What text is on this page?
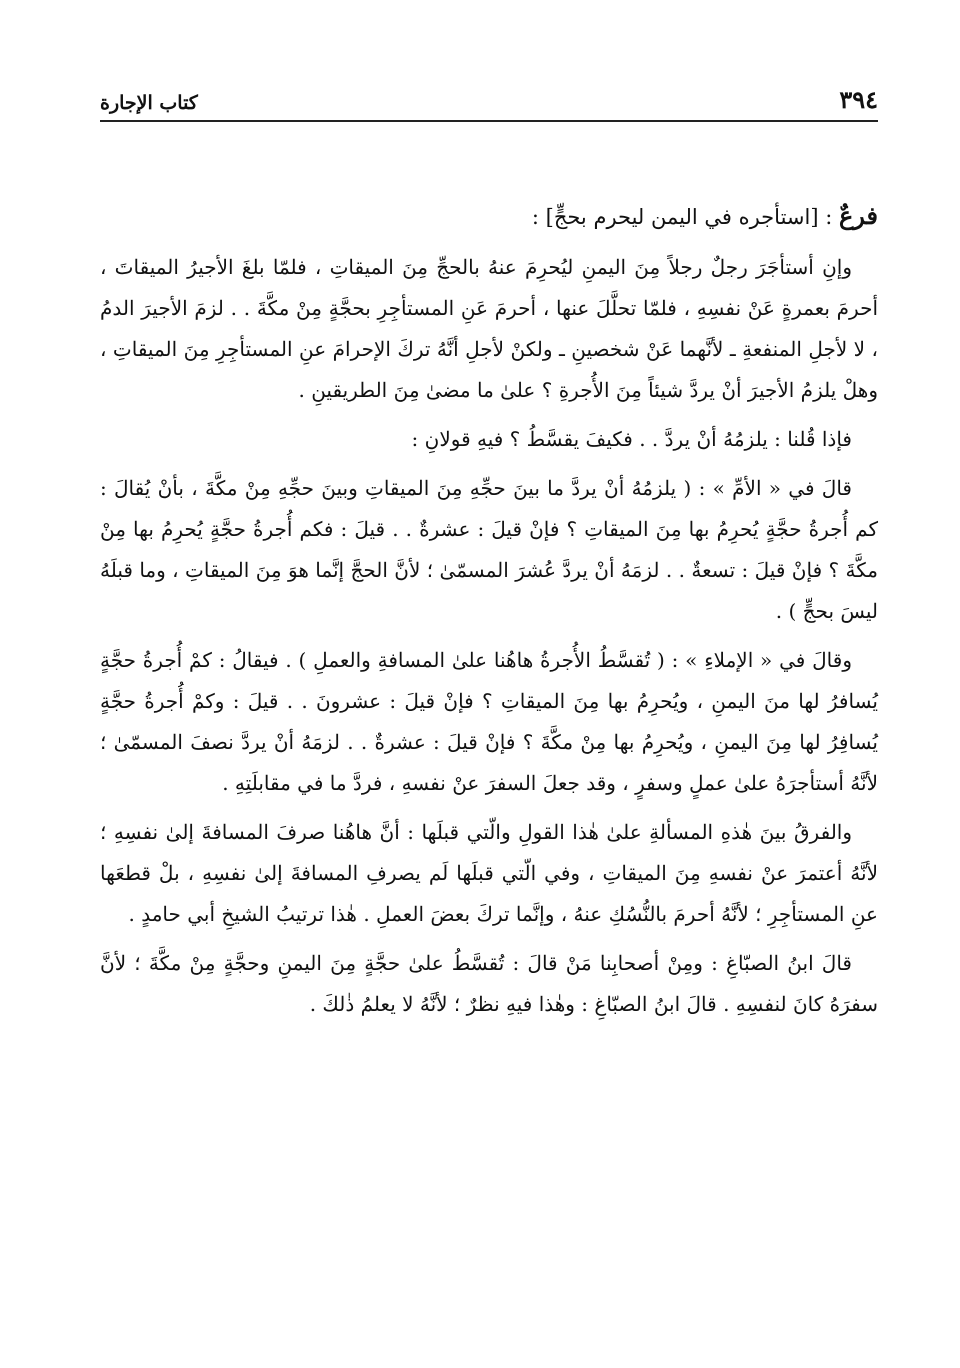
٣٩٤
كتاب الإجارة

فرعٌ : [استأجره في اليمن ليحرم بحجٍّ] :

وإنِ أستأجَرَ رجلٌ رجلاً مِنَ اليمنِ ليُحرِمَ عنهُ بالحجِّ مِنَ الميقاتِ ، فلمّا بلغَ الأجيرُ الميقاتَ ، أحرمَ بعمرةٍ عَنْ نفسِهِ ، فلمّا تحلَّلَ عنها ، أحرمَ عَنِ المستأجِرِ بحجَّةٍ مِنْ مكَّةَ . . لزمَ الأجيرَ الدمُ ، لا لأجلِ المنفعةِ ـ لأنَّهما عَنْ شخصينِ ـ ولكنْ لأجلِ أنَّهُ تركَ الإحرامَ عنِ المستأجِرِ مِنَ الميقاتِ ، وهلْ يلزمُ الأجيرَ أنْ يردَّ شيئاً مِنَ الأُجرةِ ؟ علىٰ ما مضىٰ مِنَ الطريقينِ .

فإذا قُلنا : يلزمُهُ أنْ يردَّ . . فكيفَ يقسَّطُ ؟ فيهِ قولانِ :

قالَ في « الأمِّ » : ( يلزمُهُ أنْ يردَّ ما بينَ حجِّهِ مِنَ الميقاتِ وبينَ حجِّهِ مِنْ مكَّةَ ، بأنْ يُقالَ : كم أُجرةُ حجَّةٍ يُحرِمُ بها مِنَ الميقاتِ ؟ فإنْ قيلَ : عشرةٌ . . قيلَ : فكم أُجرةُ حجَّةٍ يُحرِمُ بها مِنْ مكَّةَ ؟ فإنْ قيلَ : تسعةٌ . . لزمَهُ أنْ يردَّ عُشرَ المسمّىٰ ؛ لأنَّ الحجَّ إنَّما هوَ مِنَ الميقاتِ ، وما قبلَهُ ليسَ بحجٍّ ) .

وقالَ في « الإملاءِ » : ( تُقسَّطُ الأُجرةُ هاهُنا علىٰ المسافةِ والعملِ ) . فيقالُ : كمْ أُجرةُ حجَّةٍ يُسافرُ لها منَ اليمنِ ، ويُحرِمُ بها مِنَ الميقاتِ ؟ فإنْ قيلَ : عشرونَ . . قيلَ : وكمْ أُجرةُ حجَّةٍ يُسافِرُ لها مِنَ اليمنِ ، ويُحرِمُ بها مِنْ مكَّةَ ؟ فإنْ قيلَ : عشرةٌ . . لزمَهُ أنْ يردَّ نصفَ المسمّىٰ ؛ لأنَّهُ أستأجرَهُ علىٰ عملٍ وسفرٍ ، وقد جعلَ السفرَ عنْ نفسهِ ، فردَّ ما في مقابلَتِهِ .

والفرقُ بينَ هٰذهِ المسألةِ علىٰ هٰذا القولِ والّتي قبلَها : أنَّ هاهُنا صرفَ المسافةَ إلىٰ نفسِهِ ؛ لأنَّهُ أعتمرَ عنْ نفسهِ مِنَ الميقاتِ ، وفي الّتي قبلَها لَم يصرفِ المسافةَ إلىٰ نفسِهِ ، بلْ قطعَها عنِ المستأجِرِ ؛ لأنَّهُ أحرمَ بالنُّسُكِ عنهُ ، وإنَّما تركَ بعضَ العملِ . هٰذا ترتيبُ الشيخِ أبي حامدٍ .

قالَ ابنُ الصبّاغِ : ومِنْ أصحابِنا مَنْ قالَ : تُقسَّطُ علىٰ حجَّةٍ مِنَ اليمنِ وحجَّةٍ مِنْ مكَّةَ ؛ لأنَّ سفرَهُ كانَ لنفسِهِ . قالَ ابنُ الصبّاغِ : وهٰذا فيهِ نظرٌ ؛ لأنَّهُ لا يعلمُ ذٰلكَ .
